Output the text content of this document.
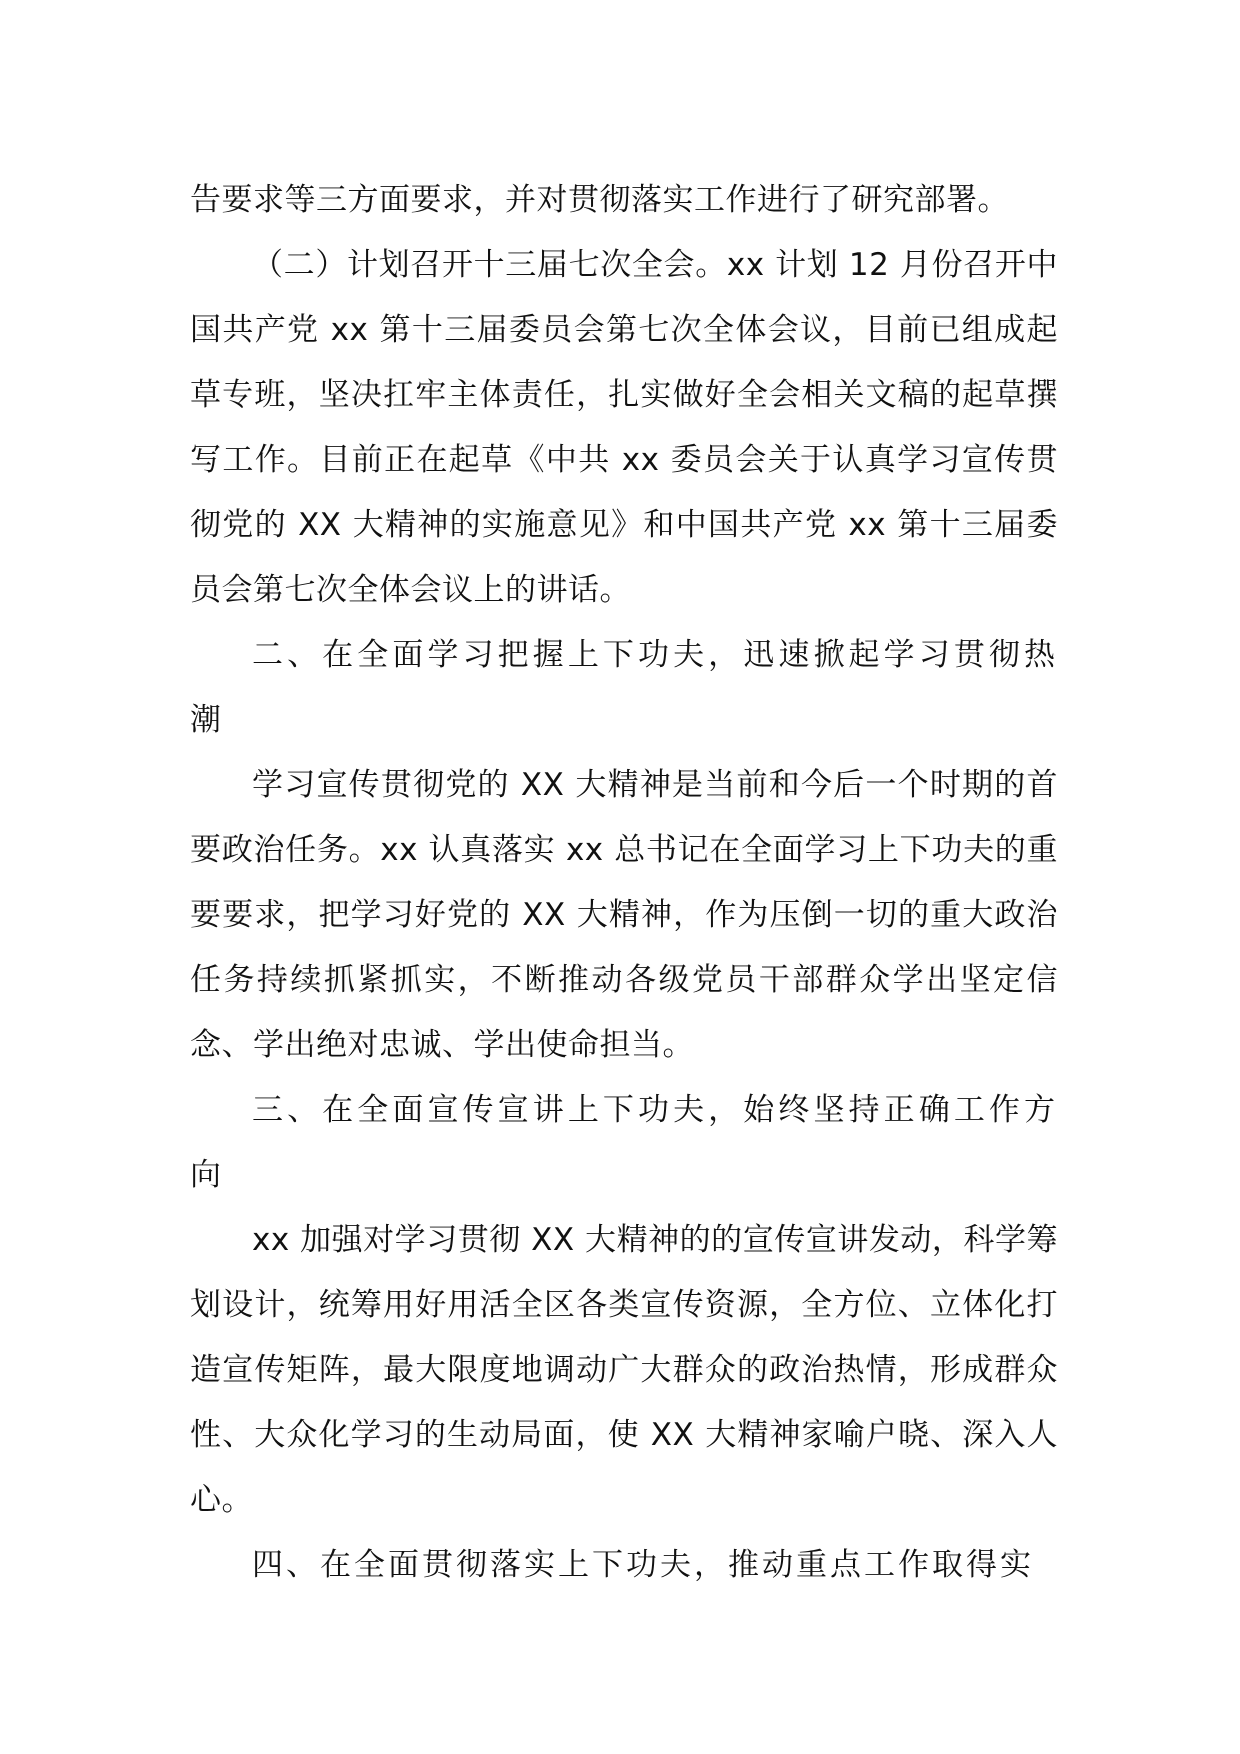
告要求等三方面要求，并对贯彻落实工作进行了研究部署。

（二）计划召开十三届七次全会。xx 计划 12 月份召开中国共产党 xx 第十三届委员会第七次全体会议，目前已组成起草专班，坚决扛牢主体责任，扎实做好全会相关文稿的起草撰写工作。目前正在起草《中共 xx 委员会关于认真学习宣传贯彻党的 XX 大精神的实施意见》和中国共产党 xx 第十三届委员会第七次全体会议上的讲话。

二、在全面学习把握上下功夫，迅速掀起学习贯彻热潮

学习宣传贯彻党的 XX 大精神是当前和今后一个时期的首要政治任务。xx 认真落实 xx 总书记在全面学习上下功夫的重要要求，把学习好党的 XX 大精神，作为压倒一切的重大政治任务持续抓紧抓实，不断推动各级党员干部群众学出坚定信念、学出绝对忠诚、学出使命担当。

三、在全面宣传宣讲上下功夫，始终坚持正确工作方向

xx 加强对学习贯彻 XX 大精神的的宣传宣讲发动，科学筹划设计，统筹用好用活全区各类宣传资源，全方位、立体化打造宣传矩阵，最大限度地调动广大群众的政治热情，形成群众性、大众化学习的生动局面，使 XX 大精神家喻户晓、深入人心。

四、在全面贯彻落实上下功夫，推动重点工作取得实
